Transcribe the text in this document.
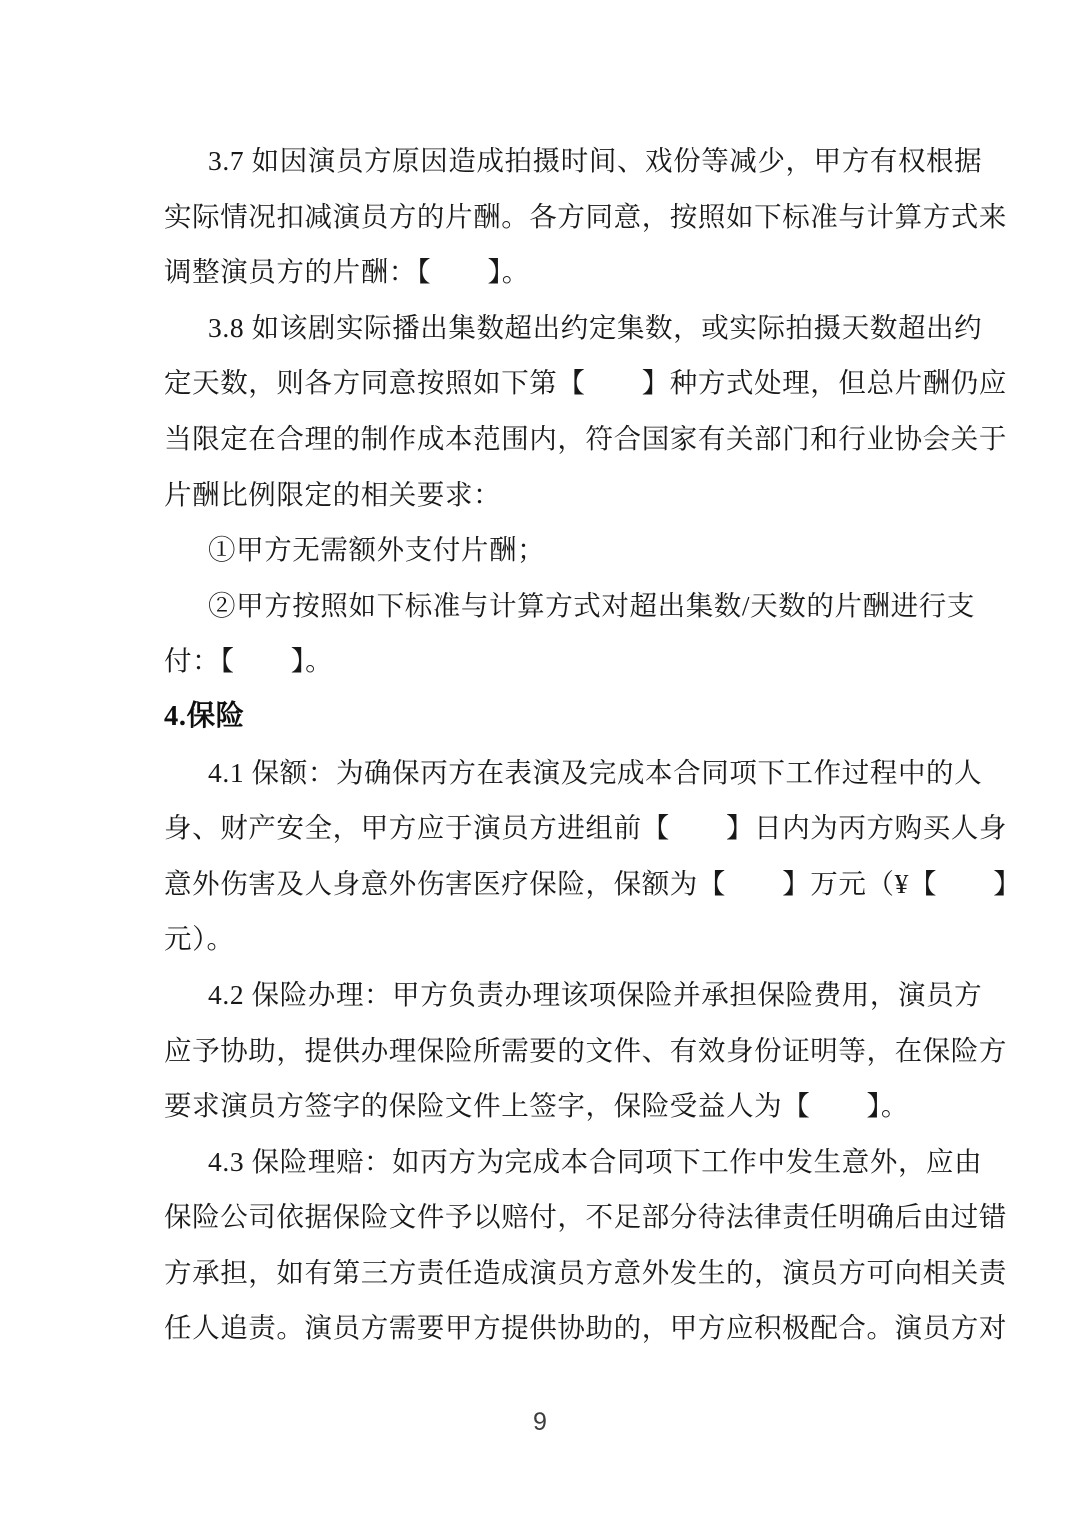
3.7 如因演员方原因造成拍摄时间、戏份等减少，甲方有权根据
实际情况扣减演员方的片酬。各方同意，按照如下标准与计算方式来
调整演员方的片酬：【　　】。
3.8 如该剧实际播出集数超出约定集数，或实际拍摄天数超出约
定天数，则各方同意按照如下第【　　】种方式处理，但总片酬仍应
当限定在合理的制作成本范围内，符合国家有关部门和行业协会关于
片酬比例限定的相关要求：
①甲方无需额外支付片酬；
②甲方按照如下标准与计算方式对超出集数/天数的片酬进行支
付：【　　】。
4.保险
4.1 保额：为确保丙方在表演及完成本合同项下工作过程中的人
身、财产安全，甲方应于演员方进组前【　　】日内为丙方购买人身
意外伤害及人身意外伤害医疗保险，保额为【　　】万元（¥【　　】
元）。
4.2 保险办理：甲方负责办理该项保险并承担保险费用，演员方
应予协助，提供办理保险所需要的文件、有效身份证明等，在保险方
要求演员方签字的保险文件上签字，保险受益人为【　　】。
4.3 保险理赔：如丙方为完成本合同项下工作中发生意外，应由
保险公司依据保险文件予以赔付，不足部分待法律责任明确后由过错
方承担，如有第三方责任造成演员方意外发生的，演员方可向相关责
任人追责。演员方需要甲方提供协助的，甲方应积极配合。演员方对
9
